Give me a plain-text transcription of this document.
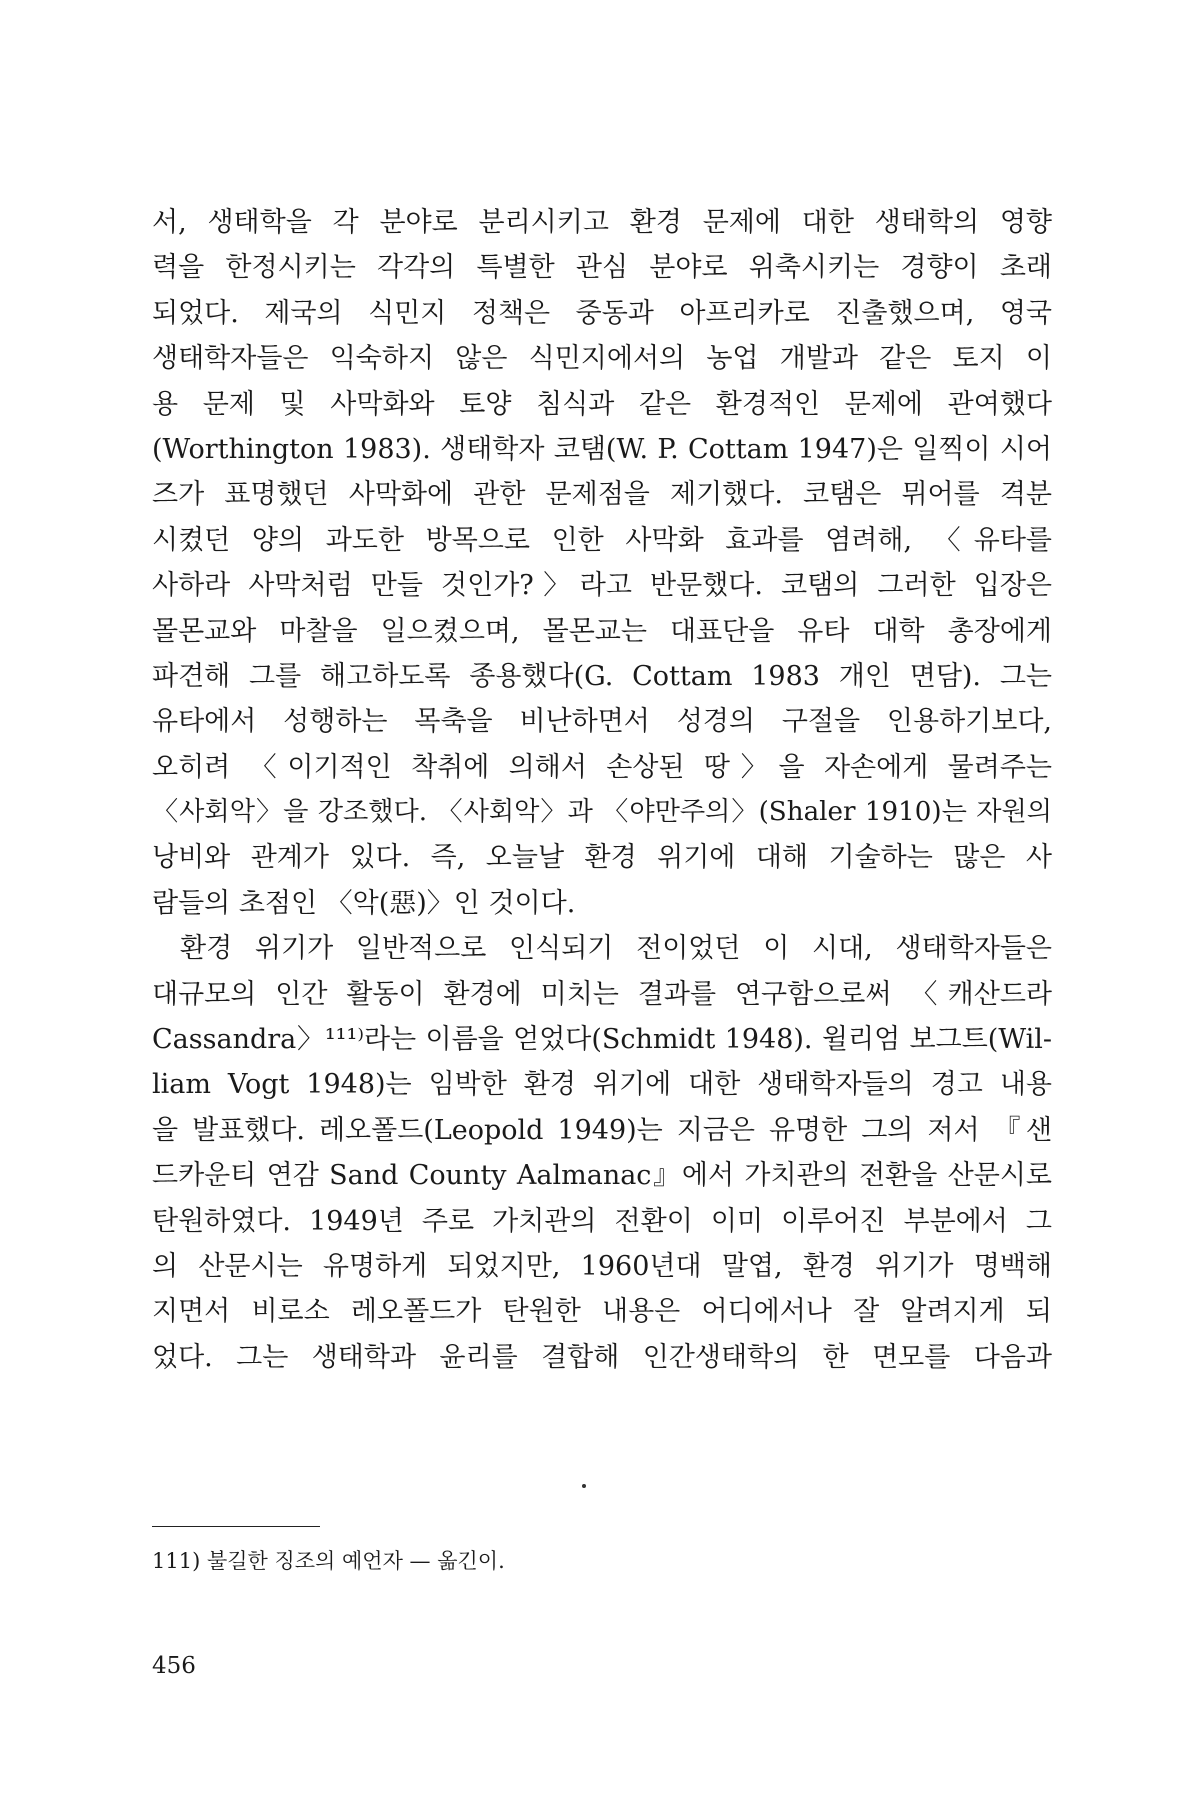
서, 생태학을 각 분야로 분리시키고 환경 문제에 대한 생태학의 영향
력을 한정시키는 각각의 특별한 관심 분야로 위축시키는 경향이 초래
되었다. 제국의 식민지 정책은 중동과 아프리카로 진출했으며, 영국
생태학자들은 익숙하지 않은 식민지에서의 농업 개발과 같은 토지 이
용 문제 및 사막화와 토양 침식과 같은 환경적인 문제에 관여했다
(Worthington 1983). 생태학자 코탬(W. P. Cottam 1947)은 일찍이 시어
즈가 표명했던 사막화에 관한 문제점을 제기했다. 코탬은 뮈어를 격분
시켰던 양의 과도한 방목으로 인한 사막화 효과를 염려해, 〈유타를
사하라 사막처럼 만들 것인가?〉라고 반문했다. 코탬의 그러한 입장은
몰몬교와 마찰을 일으켰으며, 몰몬교는 대표단을 유타 대학 총장에게
파견해 그를 해고하도록 종용했다(G. Cottam 1983 개인 면담). 그는
유타에서 성행하는 목축을 비난하면서 성경의 구절을 인용하기보다,
오히려 〈이기적인 착취에 의해서 손상된 땅〉을 자손에게 물려주는
〈사회악〉을 강조했다. 〈사회악〉과 〈야만주의〉(Shaler 1910)는 자원의
낭비와 관계가 있다. 즉, 오늘날 환경 위기에 대해 기술하는 많은 사
람들의 초점인 〈악(惡)〉인 것이다.
환경 위기가 일반적으로 인식되기 전이었던 이 시대, 생태학자들은
대규모의 인간 활동이 환경에 미치는 결과를 연구함으로써 〈캐산드라
Cassandra〉¹¹¹⁾라는 이름을 얻었다(Schmidt 1948). 윌리엄 보그트(Wil-
liam Vogt 1948)는 임박한 환경 위기에 대한 생태학자들의 경고 내용
을 발표했다. 레오폴드(Leopold 1949)는 지금은 유명한 그의 저서 『샌
드카운티 연감 Sand County Aalmanac』에서 가치관의 전환을 산문시로
탄원하였다. 1949년 주로 가치관의 전환이 이미 이루어진 부분에서 그
의 산문시는 유명하게 되었지만, 1960년대 말엽, 환경 위기가 명백해
지면서 비로소 레오폴드가 탄원한 내용은 어디에서나 잘 알려지게 되
었다. 그는 생태학과 윤리를 결합해 인간생태학의 한 면모를 다음과
111) 불길한 징조의 예언자 — 옮긴이.
456
